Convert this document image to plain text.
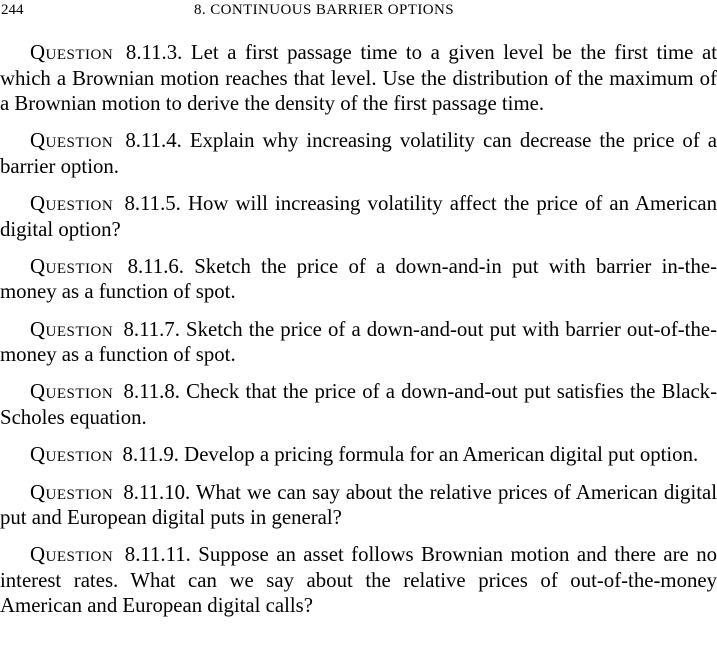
244	8. CONTINUOUS BARRIER OPTIONS

Question 8.11.3. Let a first passage time to a given level be the first time at which a Brownian motion reaches that level. Use the distribution of the maximum of a Brownian motion to derive the density of the first passage time.

Question 8.11.4. Explain why increasing volatility can decrease the price of a barrier option.

Question 8.11.5. How will increasing volatility affect the price of an American digital option?

Question 8.11.6. Sketch the price of a down-and-in put with barrier in-the-money as a function of spot.

Question 8.11.7. Sketch the price of a down-and-out put with barrier out-of-the-money as a function of spot.

Question 8.11.8. Check that the price of a down-and-out put satisfies the Black-Scholes equation.

Question 8.11.9. Develop a pricing formula for an American digital put option.

Question 8.11.10. What we can say about the relative prices of American digital put and European digital puts in general?

Question 8.11.11. Suppose an asset follows Brownian motion and there are no interest rates. What can we say about the relative prices of out-of-the-money American and European digital calls?
